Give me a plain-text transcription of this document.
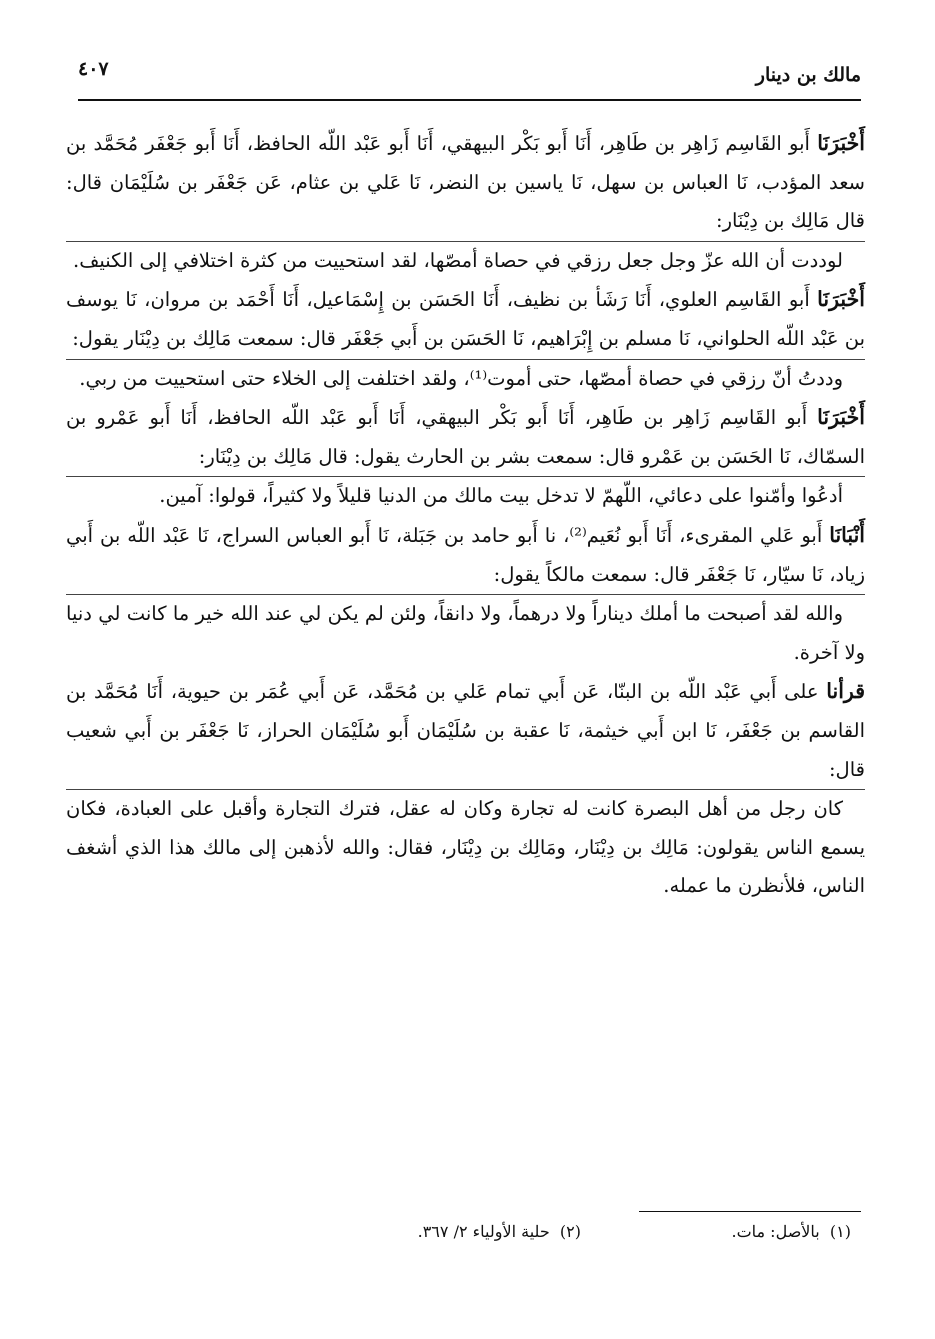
مالك بن دينار
٤٠٧

أَخْبَرَنَا أَبو القَاسِم زَاهِر بن طَاهِر، أَنَا أَبو بَكْر البيهقي، أَنَا أَبو عَبْد اللّه الحافظ، أَنَا أَبو جَعْفَر مُحَمَّد بن سعد المؤدب، نَا العباس بن سهل، نَا ياسين بن النضر، نَا عَلي بن عثام، عَن جَعْفَر بن سُلَيْمَان قال: قال مَالِك بن دِيْنَار:

لوددت أن الله عزّ وجل جعل رزقي في حصاة أمصّها، لقد استحييت من كثرة اختلافي إلى الكنيف.

أَخْبَرَنَا أَبو القَاسِم العلوي، أَنَا رَشَأ بن نظيف، أَنَا الحَسَن بن إِسْمَاعيل، أَنَا أَحْمَد بن مروان، نَا يوسف بن عَبْد اللّه الحلواني، نَا مسلم بن إِبْرَاهيم، نَا الحَسَن بن أَبي جَعْفَر قال: سمعت مَالِك بن دِيْنَار يقول:

وددتُ أنّ رزقي في حصاة أمصّها، حتى أموت⁽¹⁾، ولقد اختلفت إلى الخلاء حتى استحييت من ربي.

أَخْبَرَنَا أَبو القَاسِم زَاهِر بن طَاهِر، أَنَا أَبو بَكْر البيهقي، أَنَا أَبو عَبْد اللّه الحافظ، أَنَا أَبو عَمْرو بن السمّاك، نَا الحَسَن بن عَمْرو قال: سمعت بشر بن الحارث يقول: قال مَالِك بن دِيْنَار:

أدعُوا وأمّنوا على دعائي، اللّهمّ لا تدخل بيت مالك من الدنيا قليلاً ولا كثيراً، قولوا: آمين.

أَنْبَانَا أَبو عَلي المقرىء، أَنَا أَبو نُعَيم⁽²⁾، نا أَبو حامد بن جَبَلة، نَا أَبو العباس السراج، نَا عَبْد اللّه بن أَبي زياد، نَا سيّار، نَا جَعْفَر قال: سمعت مالكاً يقول:

والله لقد أصبحت ما أملك ديناراً ولا درهماً، ولا دانقاً، ولئن لم يكن لي عند الله خير ما كانت لي دنيا ولا آخرة.

قرأنا على أَبي عَبْد اللّه بن البنّا، عَن أَبي تمام عَلي بن مُحَمَّد، عَن أَبي عُمَر بن حيوية، أَنَا مُحَمَّد بن القاسم بن جَعْفَر، نَا ابن أَبي خيثمة، نَا عقبة بن سُلَيْمَان أَبو سُلَيْمَان الحراز، نَا جَعْفَر بن أَبي شعيب قال:

كان رجل من أهل البصرة كانت له تجارة وكان له عقل، فترك التجارة وأقبل على العبادة، فكان يسمع الناس يقولون: مَالِك بن دِيْنَار، ومَالِك بن دِيْنَار، فقال: والله لأذهبن إلى مالك هذا الذي أشغف الناس، فلأنظرن ما عمله.

(١)  بالأصل: مات.
(٢)  حلية الأولياء ٢/ ٣٦٧.
